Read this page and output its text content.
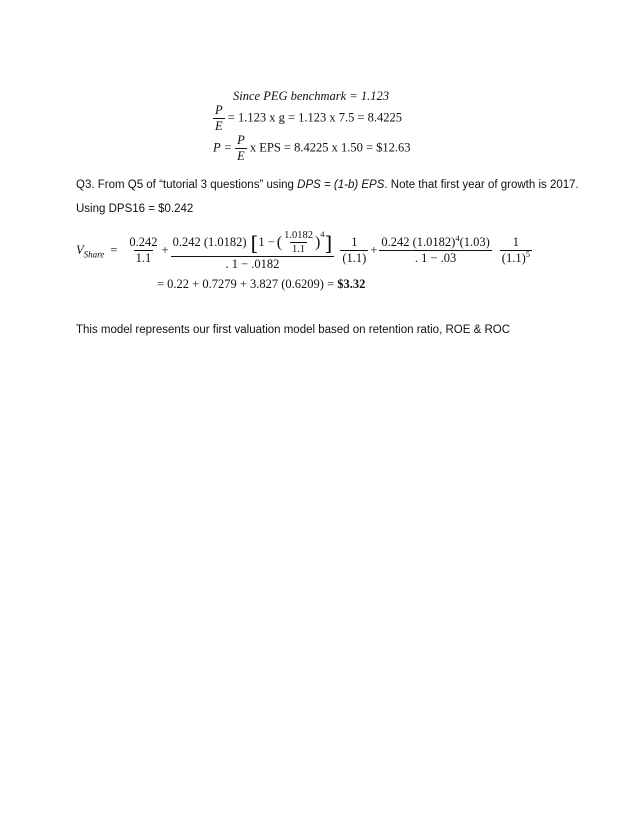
Since PEG benchmark = 1.123
$\frac{P}{E} = 1.123$ x g = 1.123 x 7.5 = 8.4225
$P = \frac{P}{E}$ x EPS = 8.4225 x 1.50 = $12.63
Q3. From Q5 of “tutorial 3 questions” using DPS = (1-b) EPS. Note that first year of growth is 2017.
Using DPS16 = $0.242
$V_{Share} = \frac{0.242}{1.1}$ +
0.242 (1.0182) [ 1 − ( $\frac{1.0182}{1.1}$ ) 4 ]
. 1 − .0182	$\frac{1}{(1.1)} + \frac{0.242 (1.0182)^4(1.03)}{. 1 - .03} \frac{1}{(1.1)^5}$
= 0.22 + 0.7279 + 3.827 (0.6209) = $3.32
This model represents our first valuation model based on retention ratio, ROE & ROC
